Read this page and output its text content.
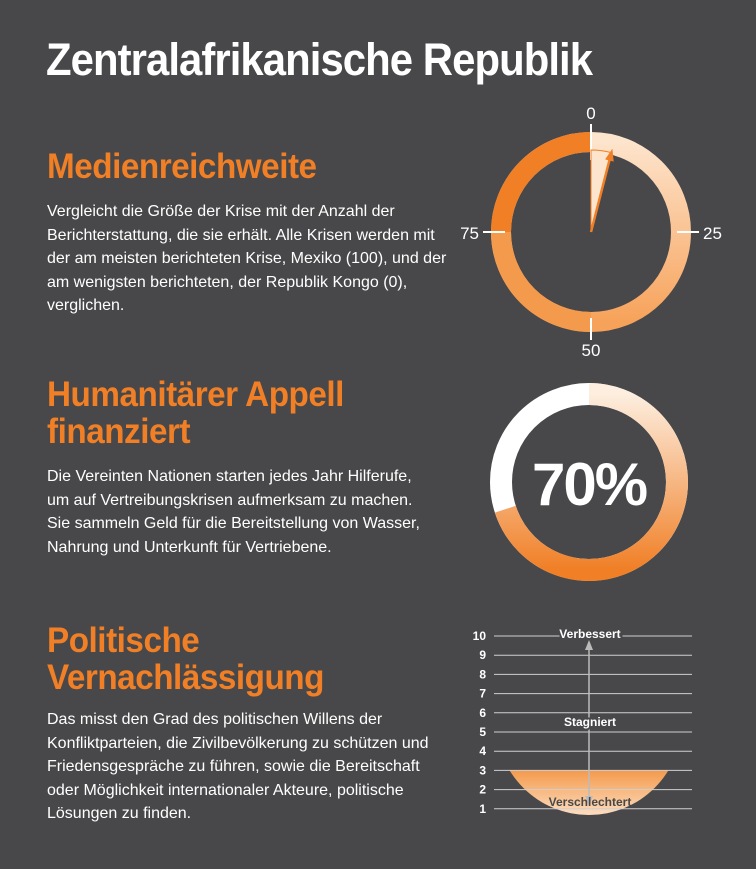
Zentralafrikanische Republik
Medienreichweite

Vergleicht die Größe der Krise mit der Anzahl der Berichterstattung, die sie erhält. Alle Krisen werden mit der am meisten berichteten Krise, Mexiko (100), und der am wenigsten berichteten, der Republik Kongo (0), verglichen.

Humanitärer Appell
finanziert

Die Vereinten Nationen starten jedes Jahr Hilferufe, um auf Vertreibungskrisen aufmerksam zu machen. Sie sammeln Geld für die Bereitstellung von Wasser, Nahrung und Unterkunft für Vertriebene.

Politische
Vernachlässigung

Das misst den Grad des politischen Willens der Konfliktparteien, die Zivilbevölkerung zu schützen und Friedensgespräche zu führen, sowie die Bereitschaft oder Möglichkeit internationaler Akteure, politische Lösungen zu finden.

0
25
50
75
70%
10
9
8
7
6
5
4
3
2
1
Verbessert
Stagniert
Verschlechtert
